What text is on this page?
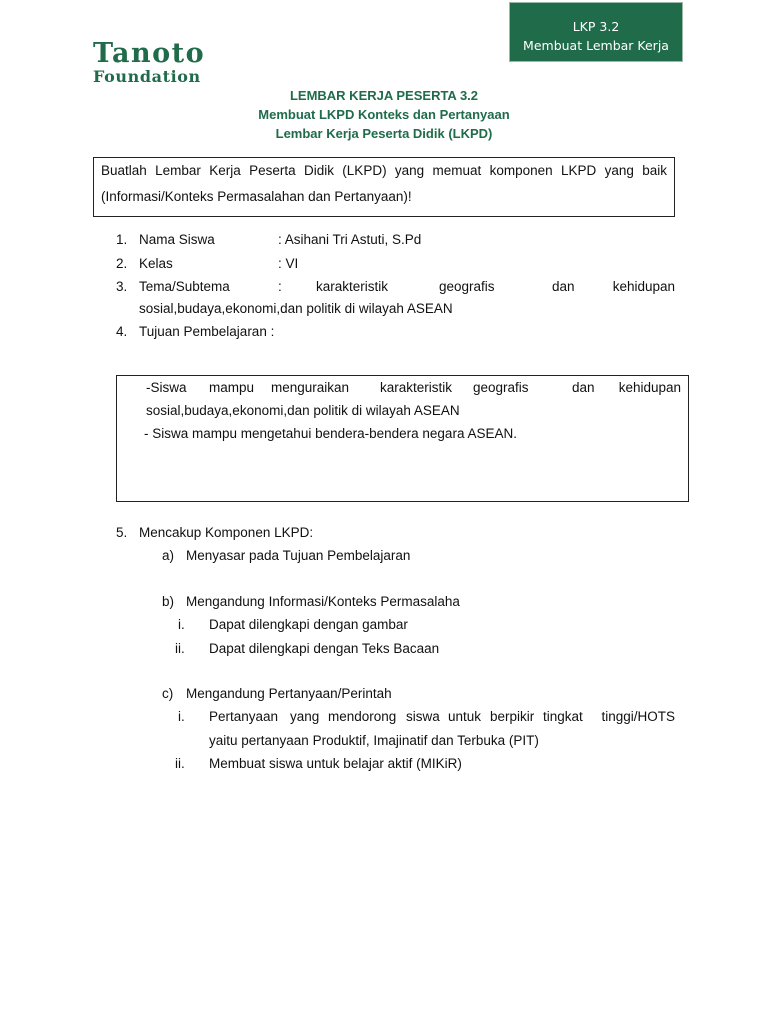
Tanoto
Foundation
LKP 3.2
Membuat Lembar Kerja
LEMBAR KERJA PESERTA 3.2
Membuat LKPD Konteks dan Pertanyaan
Lembar Kerja Peserta Didik (LKPD)
Buatlah Lembar Kerja Peserta Didik (LKPD) yang memuat komponen LKPD yang baik (Informasi/Konteks Permasalahan dan Pertanyaan)!
1. Nama Siswa	: Asihani Tri Astuti, S.Pd
2. Kelas	: VI
3. Tema/Subtema	:	karakteristik	geografis	dan	kehidupan
sosial,budaya,ekonomi,dan politik di wilayah ASEAN
4. Tujuan Pembelajaran :
-Siswa mampu menguraikan karakteristik geografis	dan kehidupan
sosial,budaya,ekonomi,dan politik di wilayah ASEAN
- Siswa mampu mengetahui bendera-bendera negara ASEAN.
5. Mencakup Komponen LKPD:
a) Menyasar pada Tujuan Pembelajaran
b) Mengandung Informasi/Konteks Permasalaha
i. Dapat dilengkapi dengan gambar
ii. Dapat dilengkapi dengan Teks Bacaan
c) Mengandung Pertanyaan/Perintah
i. Pertanyaan yang mendorong siswa untuk berpikir tingkat tinggi/HOTS
yaitu pertanyaan Produktif, Imajinatif dan Terbuka (PIT)
ii. Membuat siswa untuk belajar aktif (MIKiR)
